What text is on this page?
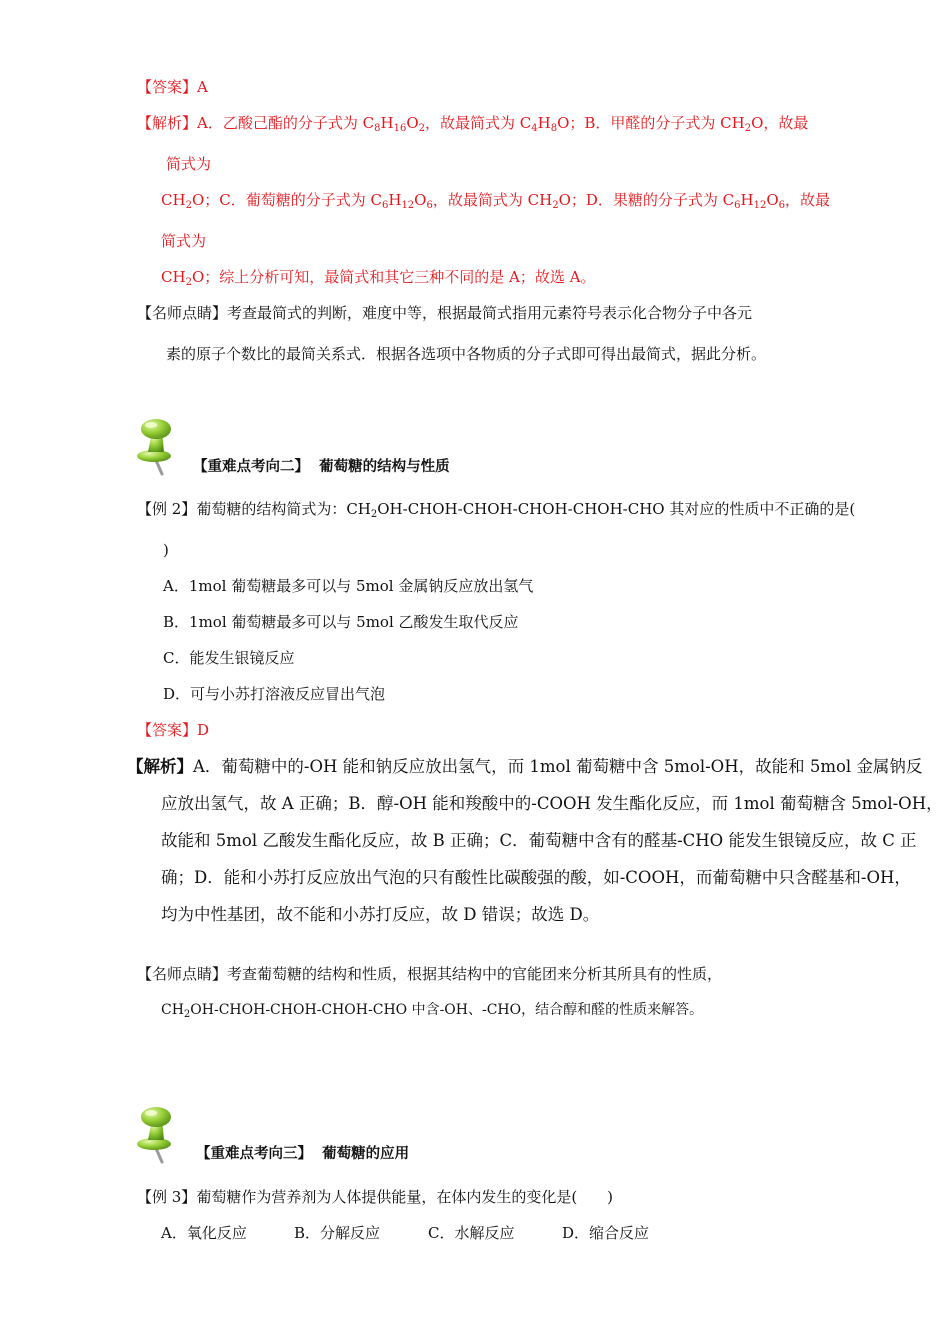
【答案】A
【解析】A．乙酸己酯的分子式为 $C_8H_{16}O_2$，故最简式为 $C_4H_8O$；B．甲醛的分子式为 $CH_2O$，故最
简式为
$CH_2O$；C．葡萄糖的分子式为 $C_6H_{12}O_6$，故最简式为 $CH_2O$；D．果糖的分子式为 $C_6H_{12}O_6$，故最
简式为
$CH_2O$；综上分析可知，最简式和其它三种不同的是 A；故选 A。
【名师点睛】考查最简式的判断，难度中等，根据最简式指用元素符号表示化合物分子中各元
素的原子个数比的最简关系式．根据各选项中各物质的分子式即可得出最简式，据此分析。
【重难点考向二】 葡萄糖的结构与性质
【例 2】葡萄糖的结构简式为：$CH_2OH-CHOH-CHOH-CHOH-CHOH$-CHO 其对应的性质中不正确的是(
)
A．1mol 葡萄糖最多可以与 5mol 金属钠反应放出氢气
B．1mol 葡萄糖最多可以与 5mol 乙酸发生取代反应
C．能发生银镜反应
D．可与小苏打溶液反应冒出气泡
【答案】D
【解析】A．葡萄糖中的-OH 能和钠反应放出氢气，而 1mol 葡萄糖中含 5mol-OH，故能和 5mol 金属钠反
应放出氢气，故 A 正确；B．醇-OH 能和羧酸中的-COOH 发生酯化反应，而 1mol 葡萄糖含 5mol-OH，
故能和 5mol 乙酸发生酯化反应，故 B 正确；C．葡萄糖中含有的醛基-CHO 能发生银镜反应，故 C 正
确；D．能和小苏打反应放出气泡的只有酸性比碳酸强的酸，如-COOH，而葡萄糖中只含醛基和-OH，
均为中性基团，故不能和小苏打反应，故 D 错误；故选 D。
【名师点睛】考查葡萄糖的结构和性质，根据其结构中的官能团来分析其所具有的性质，
$CH_2OH-CHOH-CHOH-CHOH$-CHO 中含-OH、-CHO，结合醇和醛的性质来解答。
【重难点考向三】 葡萄糖的应用
【例 3】葡萄糖作为营养剂为人体提供能量，在体内发生的变化是(　　)
A．氧化反应	B．分解反应	C．水解反应	D．缩合反应
